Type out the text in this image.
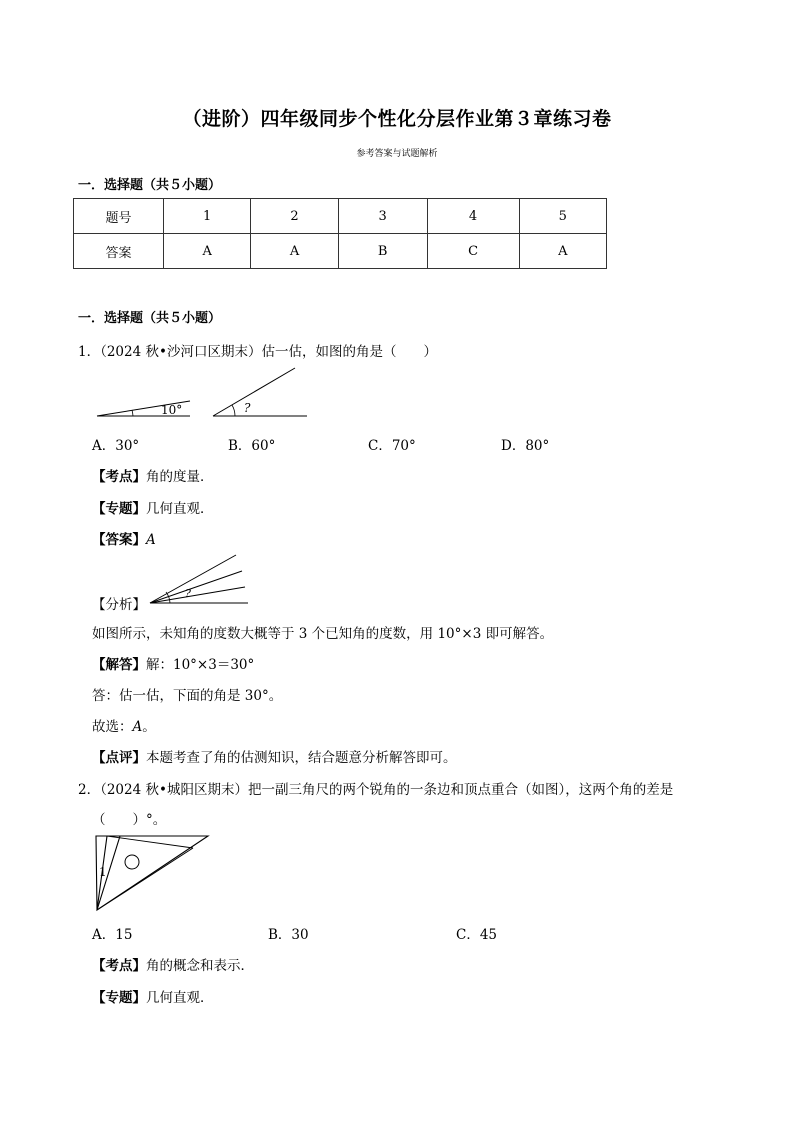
（进阶）四年级同步个性化分层作业第３章练习卷
参考答案与试题解析
一．选择题（共５小题）
题号	1	2	3	4	5
答案	A	A	B	C	A
一．选择题（共５小题）
1．（2024 秋•沙河口区期末）估一估，如图的角是（　　）
10°	?
?
1
A．30°	B．60°	C．70°	D．80°
【考点】角的度量．
【专题】几何直观．
【答案】A
【分析】
如图所示，未知角的度数大概等于 3 个已知角的度数，用 10°×3 即可解答。
【解答】解：10°×3＝30°
答：估一估，下面的角是 30°。
故选：A。
【点评】本题考查了角的估测知识，结合题意分析解答即可。
2．（2024 秋•城阳区期末）把一副三角尺的两个锐角的一条边和顶点重合（如图），这两个角的差是
（　　）°。
A．15	B．30	C．45
【考点】角的概念和表示．
【专题】几何直观．
